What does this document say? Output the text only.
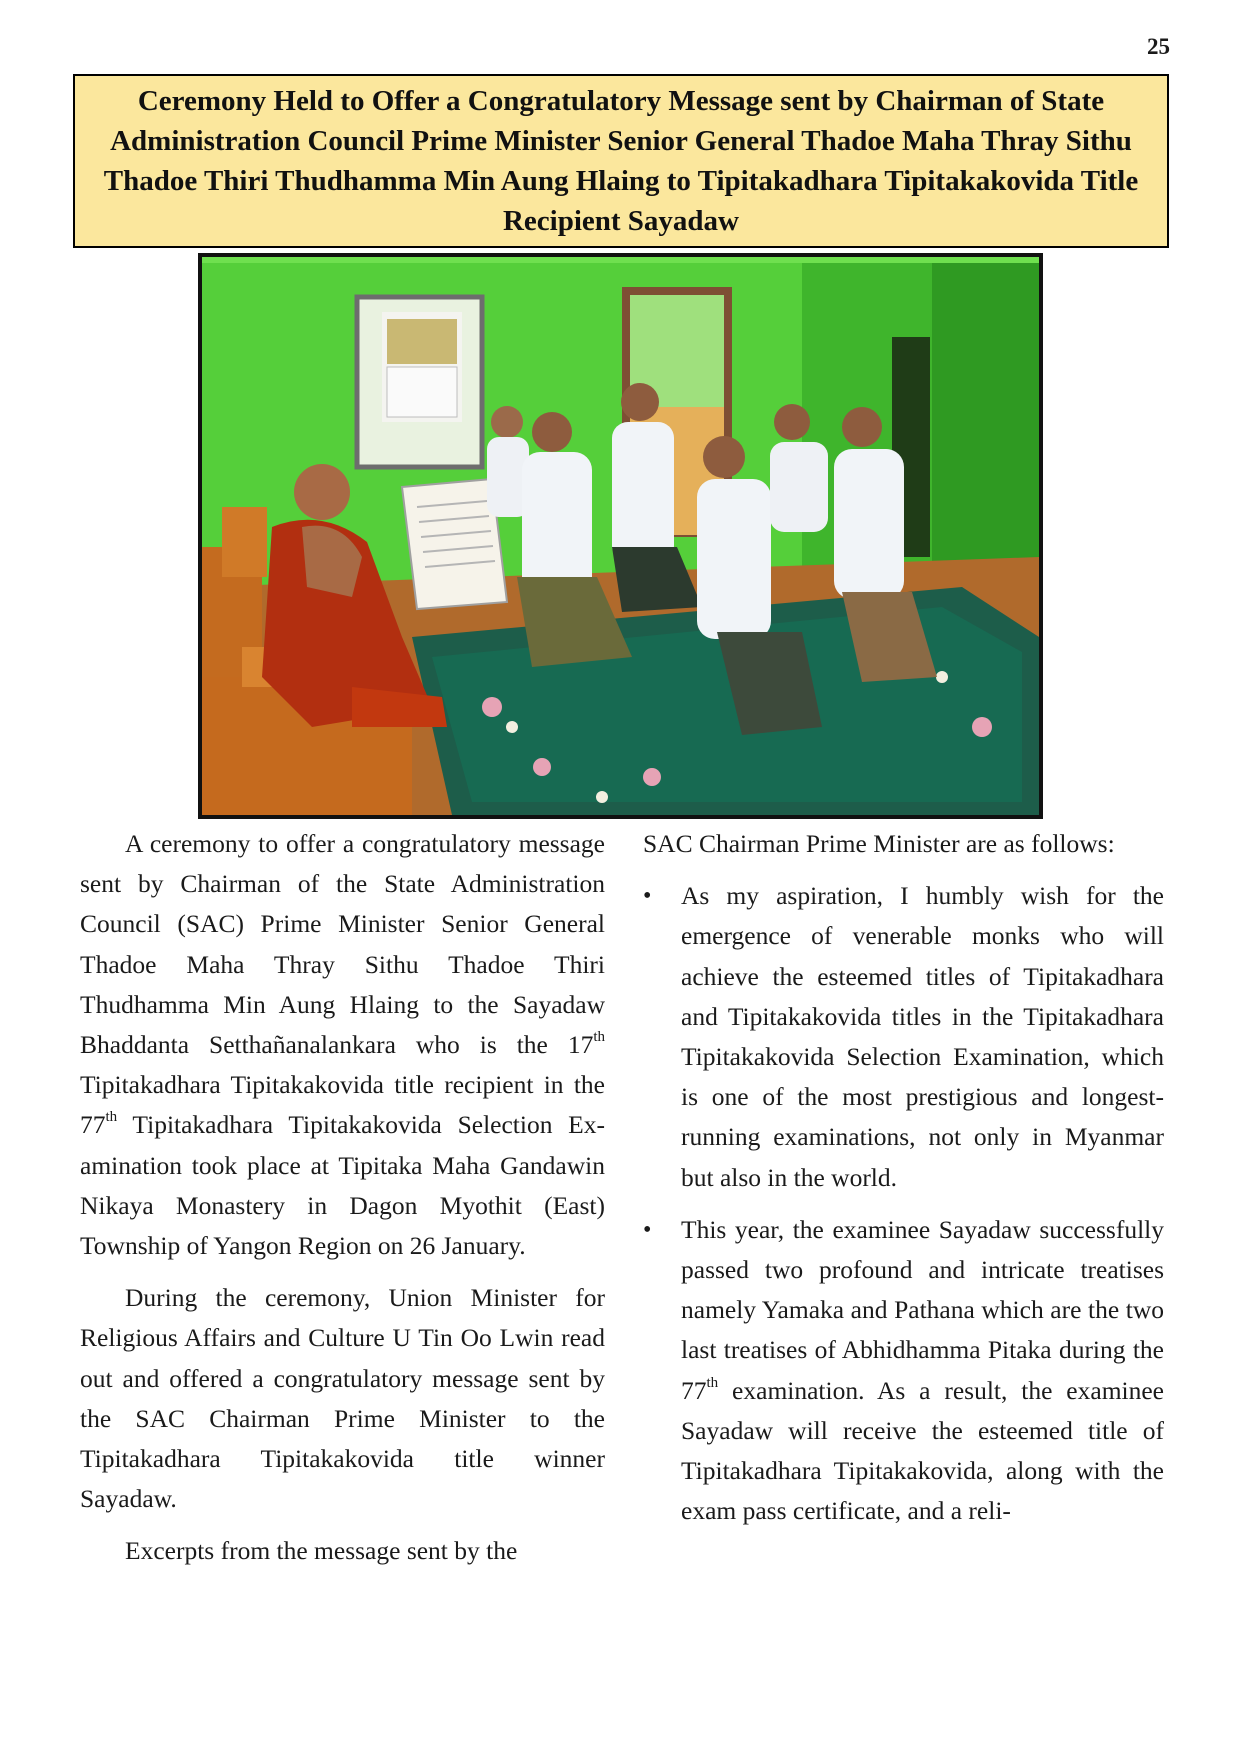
25
Ceremony Held to Offer a Congratulatory Message sent by Chairman of State Administration Council Prime Minister Senior General Thadoe Maha Thray Sithu Thadoe Thiri Thudhamma Min Aung Hlaing to Tipitakadhara Tipitakakovida Title Recipient Sayadaw

A ceremony to offer a congratulatory message sent by Chairman of the State Administration Council (SAC) Prime Minister Senior General Thadoe Maha Thray Sithu Thadoe Thiri Thudhamma Min Aung Hlaing to the Sayadaw Bhaddanta Setthañanalankara who is the 17th Tipitakadhara Tipitakakovida title recipient in the 77th Tipitakadhara Tipitakakovida Selection Examination took place at Tipitaka Maha Gandawin Nikaya Monastery in Dagon Myothit (East) Township of Yangon Region on 26 January.

During the ceremony, Union Minister for Religious Affairs and Culture U Tin Oo Lwin read out and offered a congratulatory message sent by the SAC Chairman Prime Minister to the Tipitakadhara Tipitakakovida title winner Sayadaw.

Excerpts from the message sent by the

SAC Chairman Prime Minister are as follows:

• As my aspiration, I humbly wish for the emergence of venerable monks who will achieve the esteemed titles of Tipitakadhara and Tipitakakovida titles in the Tipitakadhara Tipitakakovida Selection Examination, which is one of the most prestigious and longest-running examinations, not only in Myanmar but also in the world.
• This year, the examinee Sayadaw successfully passed two profound and intricate treatises namely Yamaka and Pathana which are the two last treatises of Abhidhamma Pitaka during the 77th examination. As a result, the examinee Sayadaw will receive the esteemed title of Tipitakadhara Tipitakakovida, along with the exam pass certificate, and a reli-
